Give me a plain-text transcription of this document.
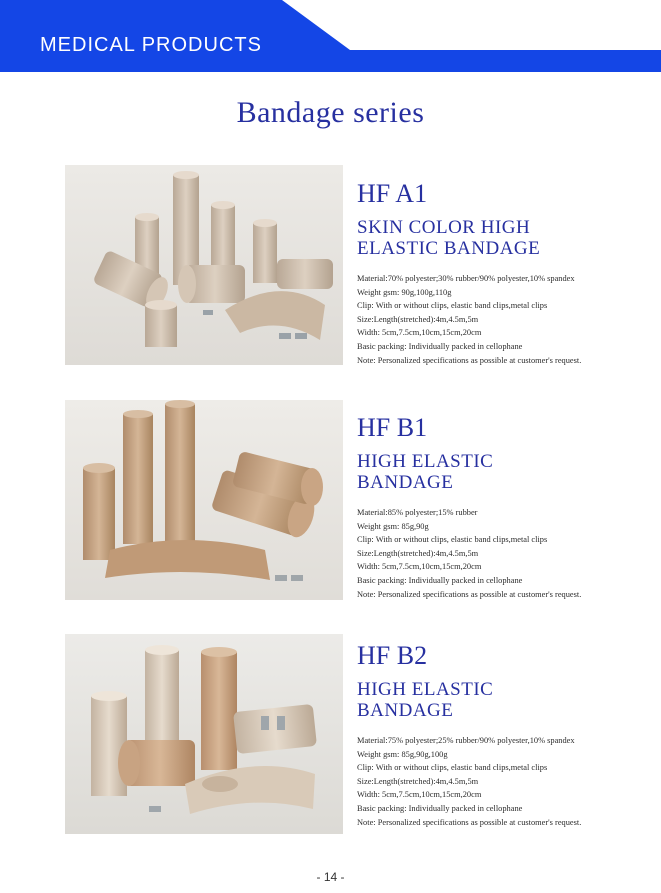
MEDICAL PRODUCTS
Bandage series
HF A1
SKIN COLOR HIGH
ELASTIC BANDAGE
Material:70% polyester;30% rubber/90% polyester,10% spandex
Weight gsm: 90g,100g,110g
Clip: With or without clips, elastic band clips,metal clips
Size:Length(stretched):4m,4.5m,5m
Width: 5cm,7.5cm,10cm,15cm,20cm
Basic packing: Individually packed in cellophane
Note: Personalized specifications as possible at customer's request.
HF B1
HIGH ELASTIC
BANDAGE
Material:85% polyester;15% rubber
Weight gsm: 85g,90g
Clip: With or without clips, elastic band clips,metal clips
Size:Length(stretched):4m,4.5m,5m
Width: 5cm,7.5cm,10cm,15cm,20cm
Basic packing: Individually packed in cellophane
Note: Personalized specifications as possible at customer's request.
HF B2
HIGH ELASTIC
BANDAGE
Material:75% polyester;25% rubber/90% polyester,10% spandex
Weight gsm: 85g,90g,100g
Clip: With or without clips, elastic band clips,metal clips
Size:Length(stretched):4m,4.5m,5m
Width: 5cm,7.5cm,10cm,15cm,20cm
Basic packing: Individually packed in cellophane
Note: Personalized specifications as possible at customer's request.
- 14 -
